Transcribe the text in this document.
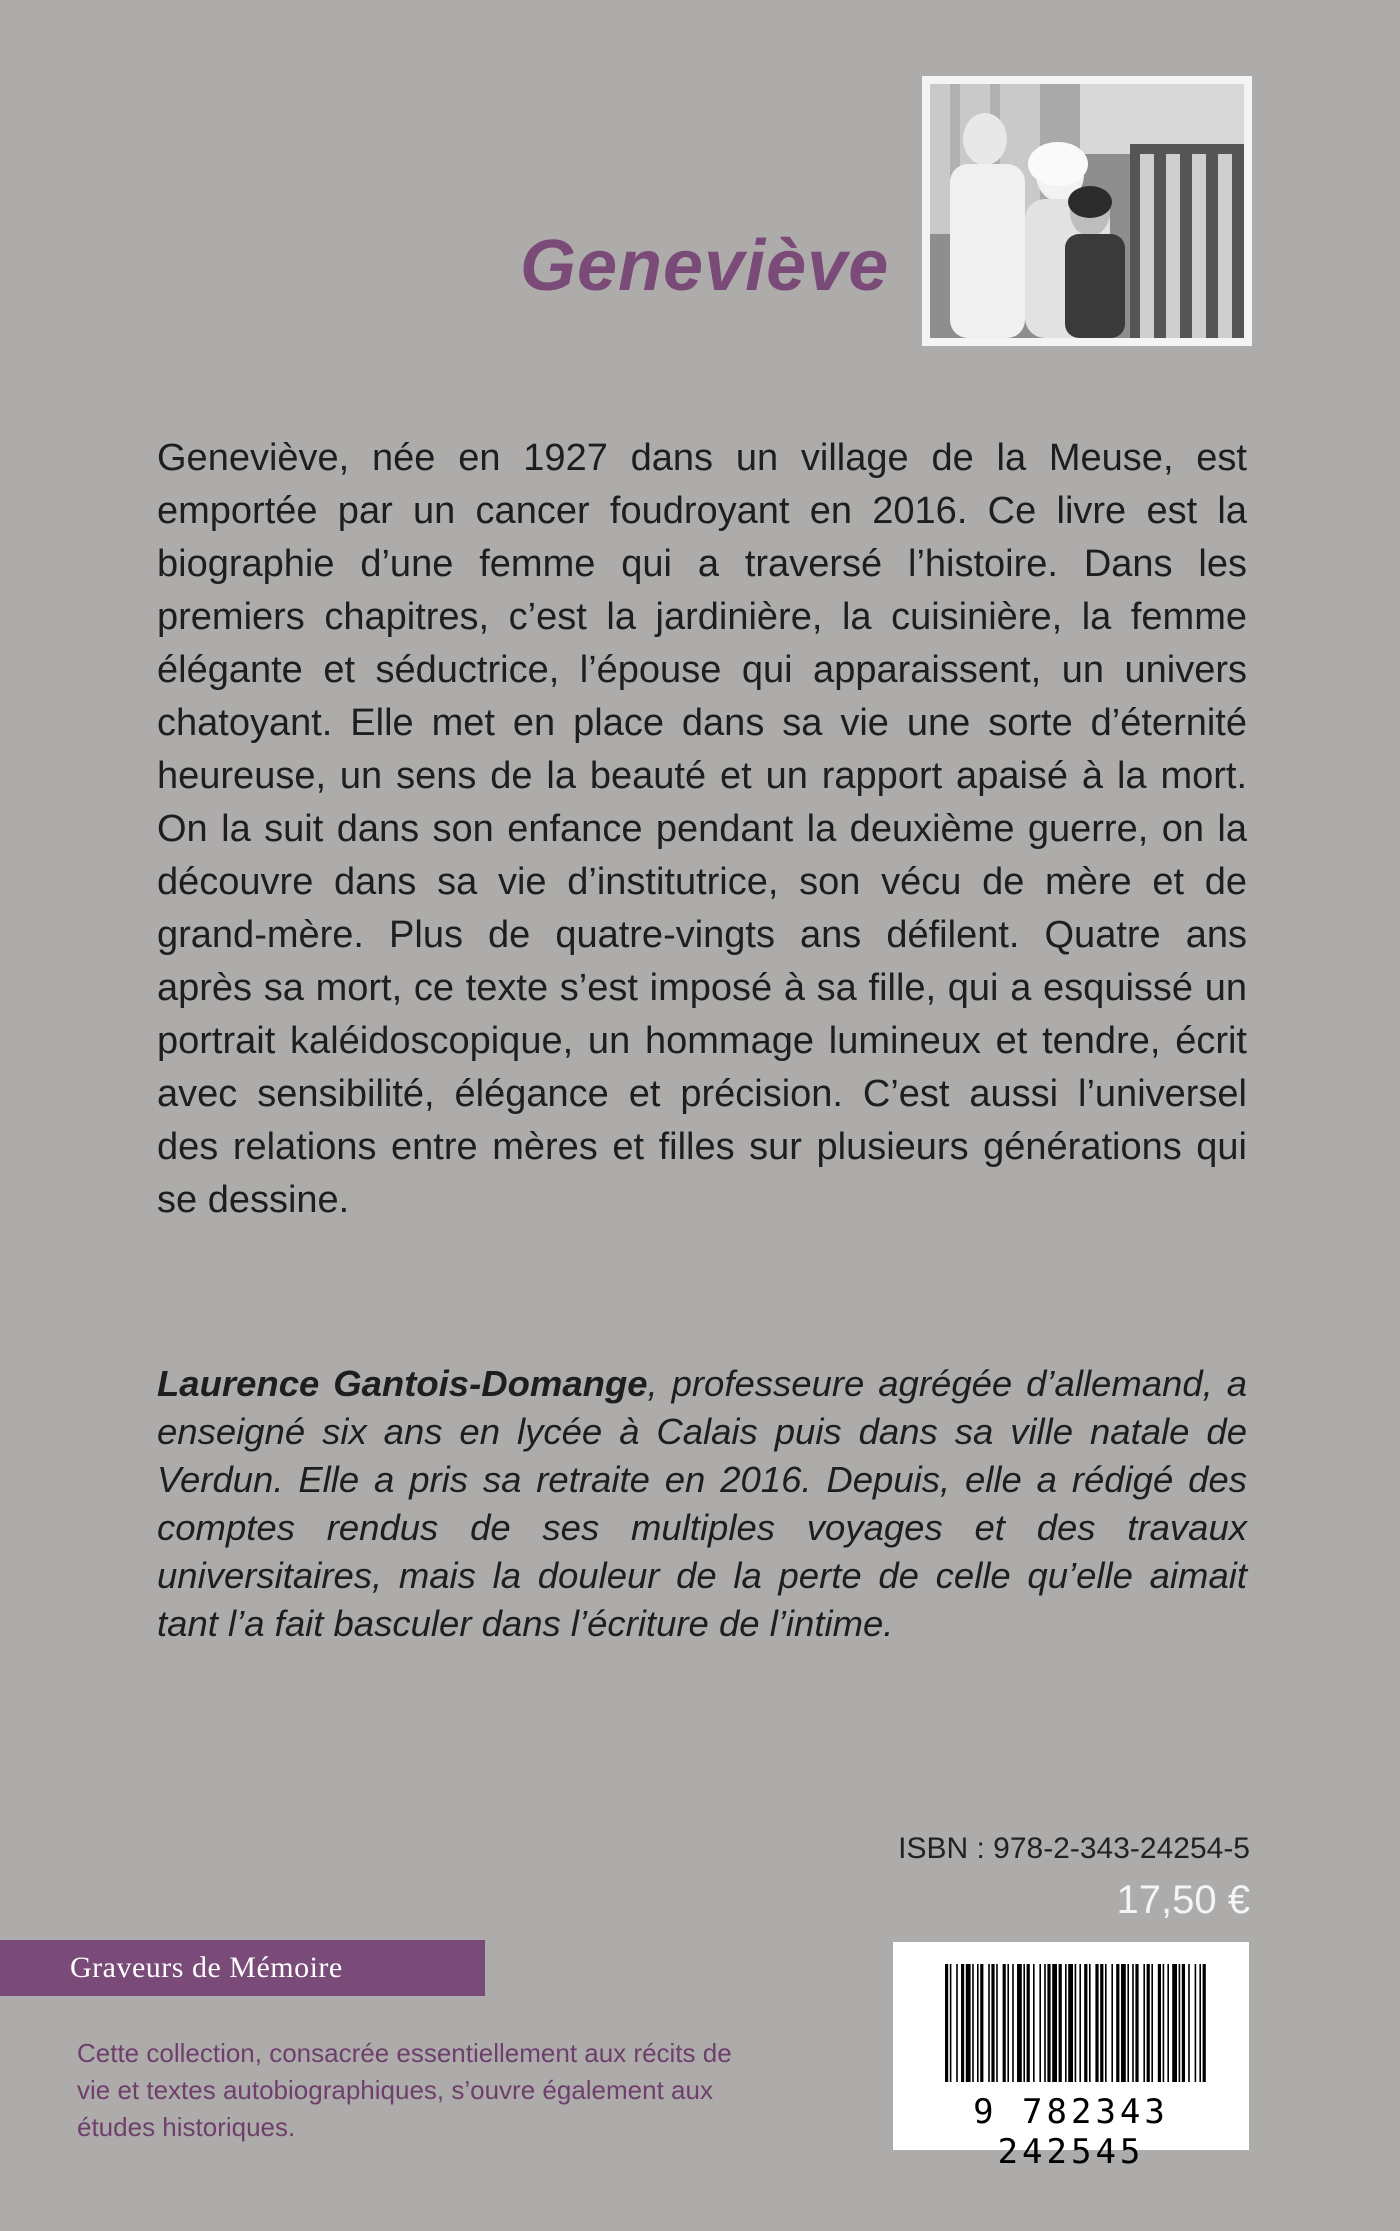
Geneviève

Geneviève, née en 1927 dans un village de la Meuse, est emportée par un cancer foudroyant en 2016. Ce livre est la biographie d’une femme qui a traversé l’histoire. Dans les premiers chapitres, c’est la jardinière, la cuisinière, la femme élégante et séductrice, l’épouse qui apparaissent, un univers chatoyant. Elle met en place dans sa vie une sorte d’éternité heureuse, un sens de la beauté et un rapport apaisé à la mort. On la suit dans son enfance pendant la deuxième guerre, on la découvre dans sa vie d’institutrice, son vécu de mère et de grand-mère. Plus de quatre-vingts ans défilent. Quatre ans après sa mort, ce texte s’est imposé à sa fille, qui a esquissé un portrait kaléidoscopique, un hommage lumineux et tendre, écrit avec sensibilité, élégance et précision. C’est aussi l’universel des relations entre mères et filles sur plusieurs générations qui se dessine.

Laurence Gantois-Domange, professeure agrégée d’allemand, a enseigné six ans en lycée à Calais puis dans sa ville natale de Verdun. Elle a pris sa retraite en 2016. Depuis, elle a rédigé des comptes rendus de ses multiples voyages et des travaux universitaires, mais la douleur de la perte de celle qu’elle aimait tant l’a fait basculer dans l’écriture de l’intime.

ISBN : 978-2-343-24254-5
17,50 €
Graveurs de Mémoire

Cette collection, consacrée essentiellement aux récits de vie et textes autobiographiques, s’ouvre également aux études historiques.	9 782343 242545
